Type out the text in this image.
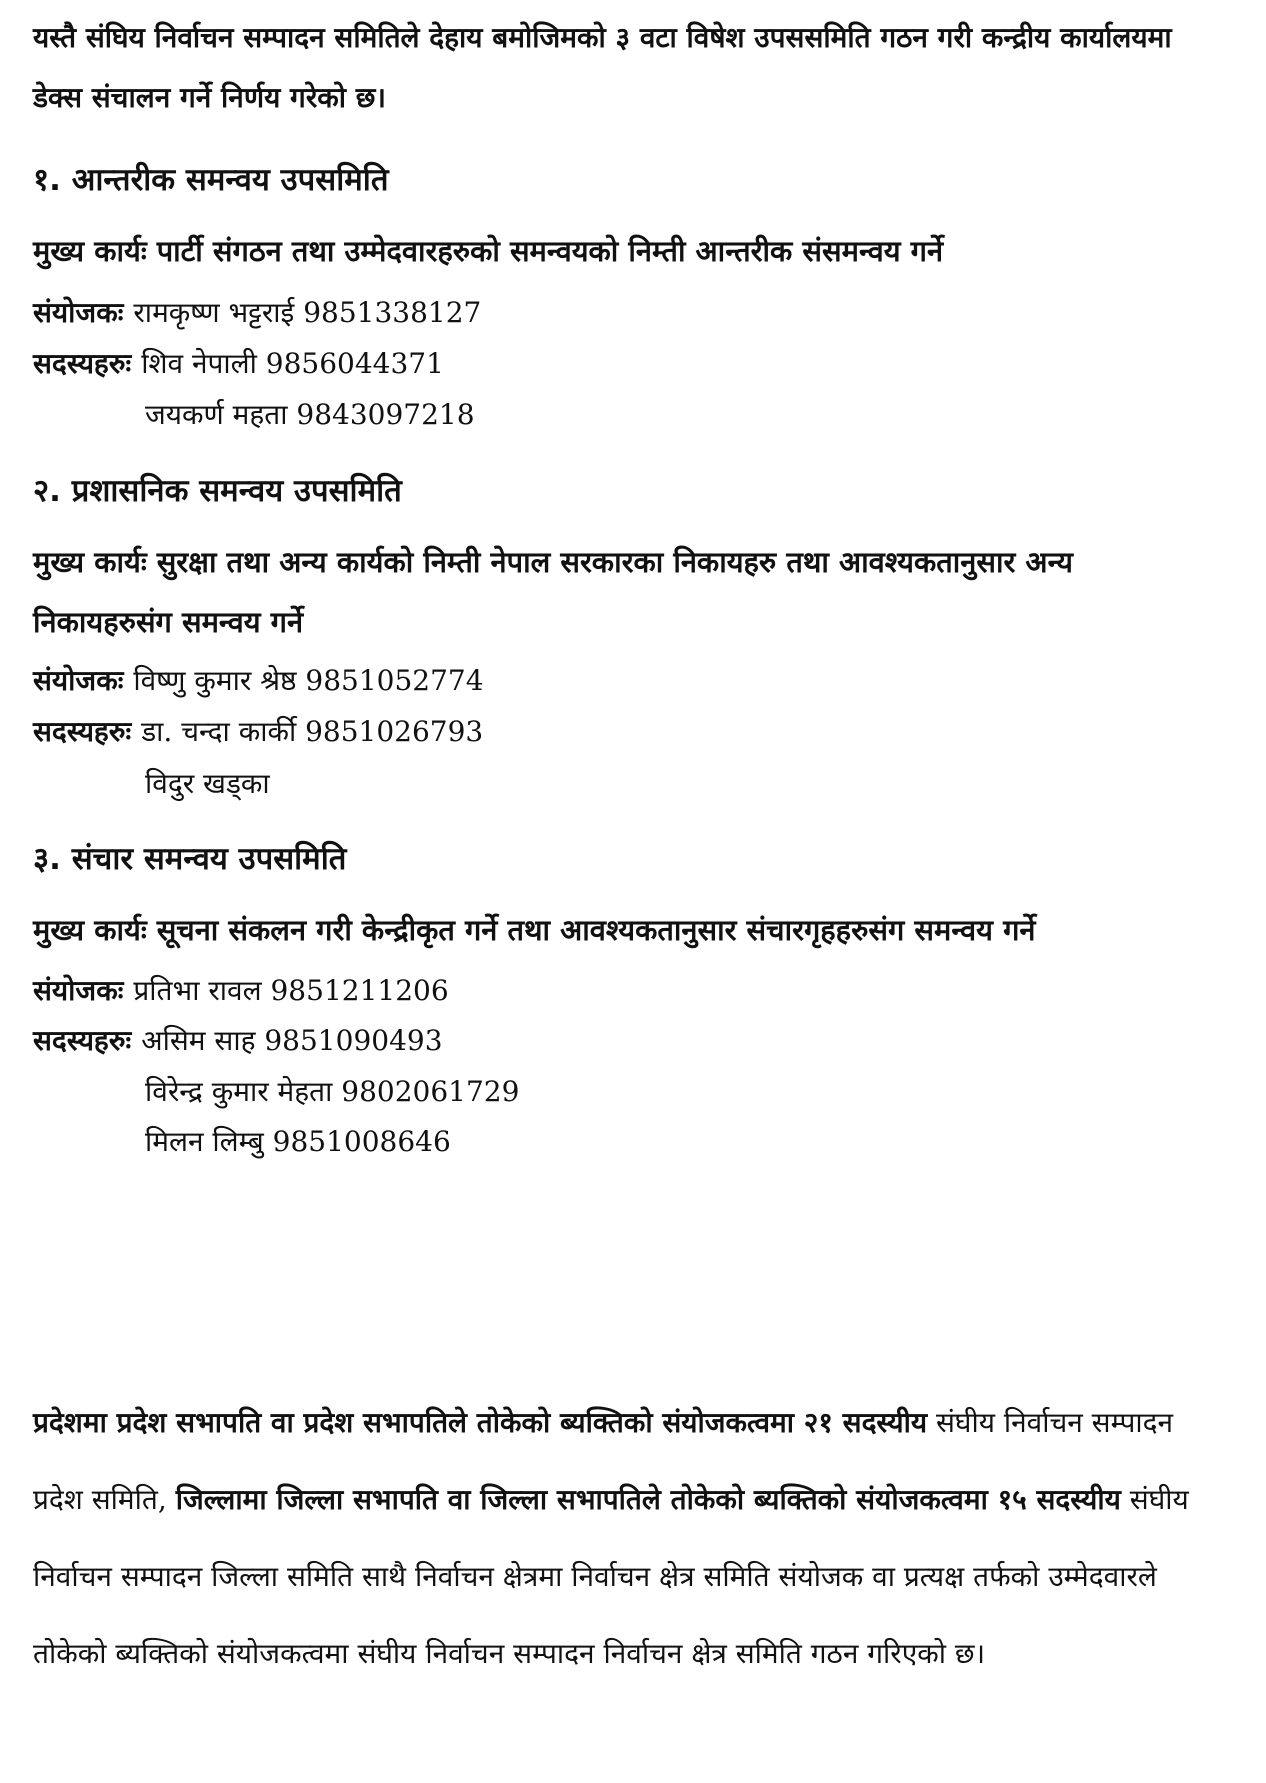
यस्तै संघिय निर्वाचन सम्पादन समितिले देहाय बमोजिमको ३ वटा विषेश उपससमिति गठन गरी कन्द्रीय कार्यालयमा
डेक्स संचालन गर्ने निर्णय गरेको छ।
१. आन्तरीक समन्वय उपसमिति
मुख्य कार्यः पार्टी संगठन तथा उम्मेदवारहरुको समन्वयको निम्ती आन्तरीक संसमन्वय गर्ने
संयोजकः रामकृष्ण भट्टराई 9851338127
सदस्यहरुः शिव नेपाली 9856044371
जयकर्ण महता 9843097218
२. प्रशासनिक समन्वय उपसमिति
मुख्य कार्यः सुरक्षा तथा अन्य कार्यको निम्ती नेपाल सरकारका निकायहरु तथा आवश्यकतानुसार अन्य
निकायहरुसंग समन्वय गर्ने
संयोजकः विष्णु कुमार श्रेष्ठ 9851052774
सदस्यहरुः डा. चन्दा कार्की 9851026793
विदुर खड्का
३. संचार समन्वय उपसमिति
मुख्य कार्यः सूचना संकलन गरी केन्द्रीकृत गर्ने तथा आवश्यकतानुसार संचारगृहहरुसंग समन्वय गर्ने
संयोजकः प्रतिभा रावल 9851211206
सदस्यहरुः असिम साह 9851090493
विरेन्द्र कुमार मेहता 9802061729
मिलन लिम्बु 9851008646
प्रदेशमा प्रदेश सभापति वा प्रदेश सभापतिले तोकेको ब्यक्तिको संयोजकत्वमा २१ सदस्यीय संघीय निर्वाचन सम्पादन
प्रदेश समिति, जिल्लामा जिल्ला सभापति वा जिल्ला सभापतिले तोकेको ब्यक्तिको संयोजकत्वमा १५ सदस्यीय संघीय
निर्वाचन सम्पादन जिल्ला समिति साथै निर्वाचन क्षेत्रमा निर्वाचन क्षेत्र समिति संयोजक वा प्रत्यक्ष तर्फको उम्मेदवारले
तोकेको ब्यक्तिको संयोजकत्वमा संघीय निर्वाचन सम्पादन निर्वाचन क्षेत्र समिति गठन गरिएको छ।
